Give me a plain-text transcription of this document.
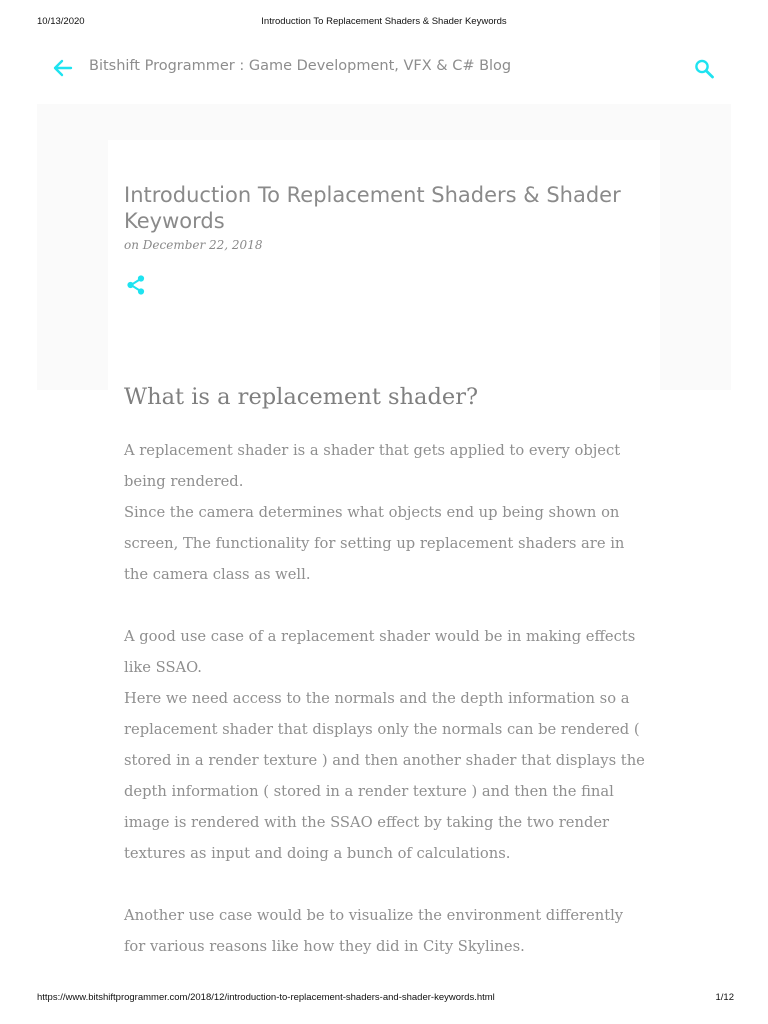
10/13/2020	Introduction To Replacement Shaders & Shader Keywords
Bitshift Programmer : Game Development, VFX & C# Blog
Introduction To Replacement Shaders & Shader Keywords
on December 22, 2018
What is a replacement shader?

A replacement shader is a shader that gets applied to every object
being rendered.
Since the camera determines what objects end up being shown on
screen, The functionality for setting up replacement shaders are in
the camera class as well.

A good use case of a replacement shader would be in making effects
like SSAO.
Here we need access to the normals and the depth information so a
replacement shader that displays only the normals can be rendered (
stored in a render texture ) and then another shader that displays the
depth information ( stored in a render texture ) and then the final
image is rendered with the SSAO effect by taking the two render
textures as input and doing a bunch of calculations.

Another use case would be to visualize the environment differently
for various reasons like how they did in City Skylines.

https://www.bitshiftprogrammer.com/2018/12/introduction-to-replacement-shaders-and-shader-keywords.html	1/12
